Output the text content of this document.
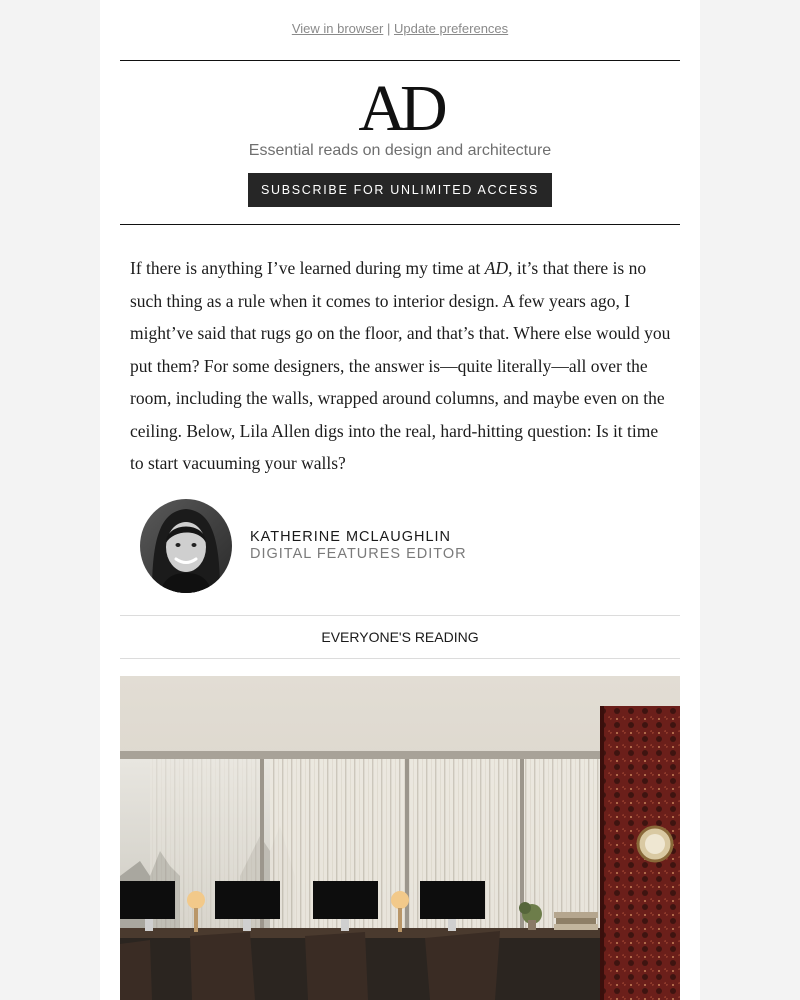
View in browser | Update preferences
AD
Essential reads on design and architecture
SUBSCRIBE FOR UNLIMITED ACCESS

If there is anything I’ve learned during my time at AD, it’s that there is no such thing as a rule when it comes to interior design. A few years ago, I might’ve said that rugs go on the floor, and that’s that. Where else would you put them? For some designers, the answer is—quite literally—all over the room, including the walls, wrapped around columns, and maybe even on the ceiling. Below, Lila Allen digs into the real, hard-hitting question: Is it time to start vacuuming your walls?

KATHERINE MCLAUGHLIN
DIGITAL FEATURES EDITOR
EVERYONE'S READING
